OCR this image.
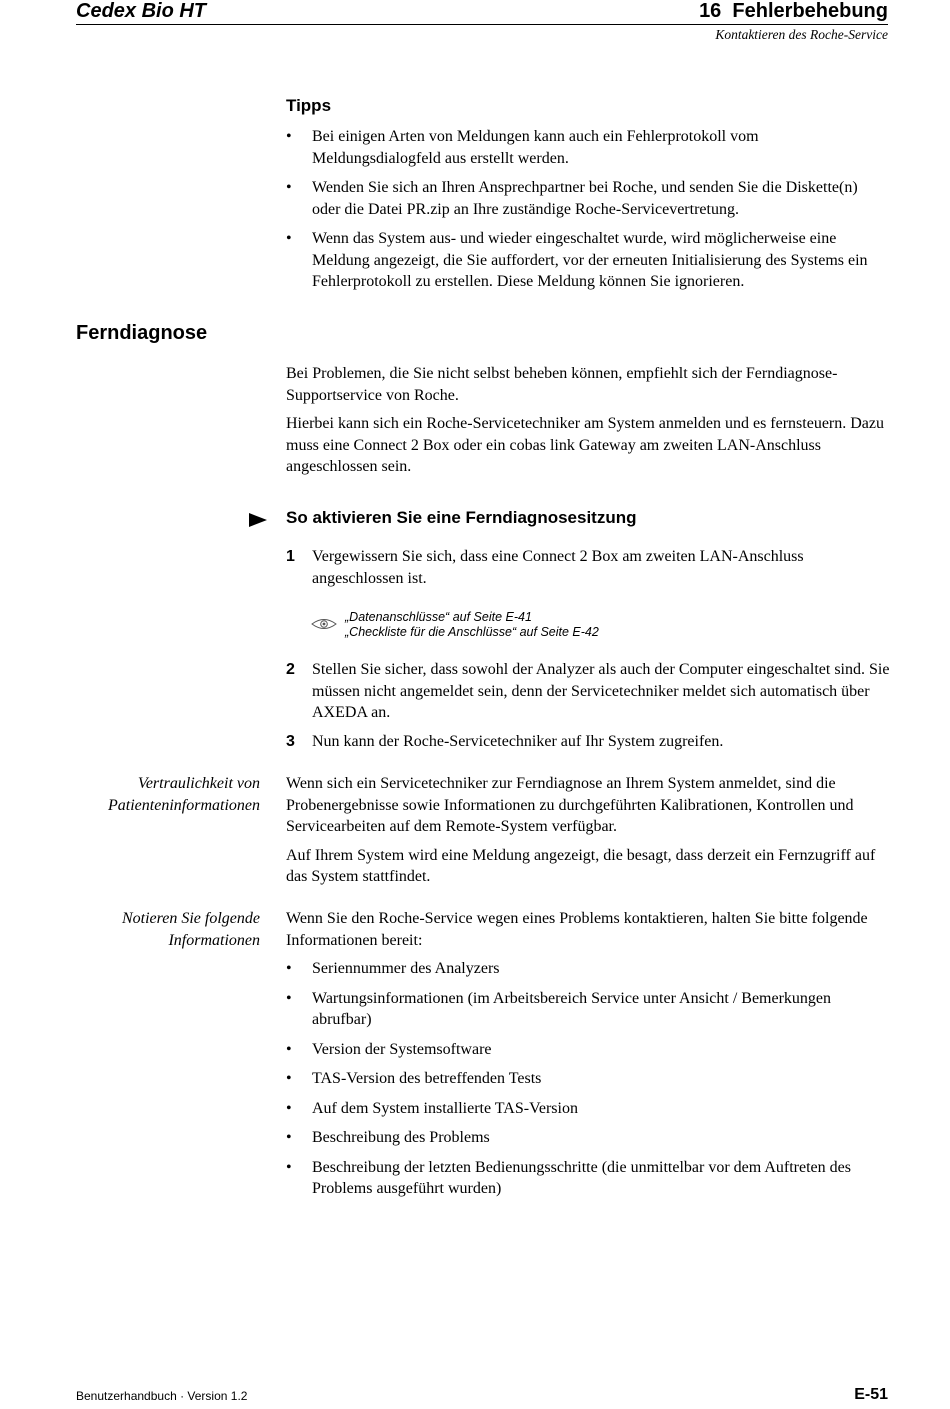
Cedex Bio HT	16  Fehlerbehebung
Kontaktieren des Roche-Service
Tipps
• Bei einigen Arten von Meldungen kann auch ein Fehlerprotokoll vom Meldungsdialogfeld aus erstellt werden.
• Wenden Sie sich an Ihren Ansprechpartner bei Roche, und senden Sie die Diskette(n) oder die Datei PR.zip an Ihre zuständige Roche-Servicevertretung.
• Wenn das System aus- und wieder eingeschaltet wurde, wird möglicherweise eine Meldung angezeigt, die Sie auffordert, vor der erneuten Initialisierung des Systems ein Fehlerprotokoll zu erstellen. Diese Meldung können Sie ignorieren.
Ferndiagnose

Bei Problemen, die Sie nicht selbst beheben können, empfiehlt sich der Ferndiagnose-Supportservice von Roche.

Hierbei kann sich ein Roche-Servicetechniker am System anmelden und es fernsteuern. Dazu muss eine Connect 2 Box oder ein cobas link Gateway am zweiten LAN-Anschluss angeschlossen sein.

So aktivieren Sie eine Ferndiagnosesitzung
1 Vergewissern Sie sich, dass eine Connect 2 Box am zweiten LAN-Anschluss angeschlossen ist.
„Datenanschlüsse“ auf Seite E-41
„Checkliste für die Anschlüsse“ auf Seite E-42
2 Stellen Sie sicher, dass sowohl der Analyzer als auch der Computer eingeschaltet sind. Sie müssen nicht angemeldet sein, denn der Servicetechniker meldet sich automatisch über AXEDA an.
3 Nun kann der Roche-Servicetechniker auf Ihr System zugreifen.
Vertraulichkeit von
Patienteninformationen

Wenn sich ein Servicetechniker zur Ferndiagnose an Ihrem System anmeldet, sind die Probenergebnisse sowie Informationen zu durchgeführten Kalibrationen, Kontrollen und Servicearbeiten auf dem Remote-System verfügbar.

Auf Ihrem System wird eine Meldung angezeigt, die besagt, dass derzeit ein Fernzugriff auf das System stattfindet.

Notieren Sie folgende
Informationen

Wenn Sie den Roche-Service wegen eines Problems kontaktieren, halten Sie bitte folgende Informationen bereit:

• Seriennummer des Analyzers
• Wartungsinformationen (im Arbeitsbereich Service unter Ansicht / Bemerkungen abrufbar)
• Version der Systemsoftware
• TAS-Version des betreffenden Tests
• Auf dem System installierte TAS-Version
• Beschreibung des Problems
• Beschreibung der letzten Bedienungsschritte (die unmittelbar vor dem Auftreten des Problems ausgeführt wurden)
Benutzerhandbuch · Version 1.2	E-51
